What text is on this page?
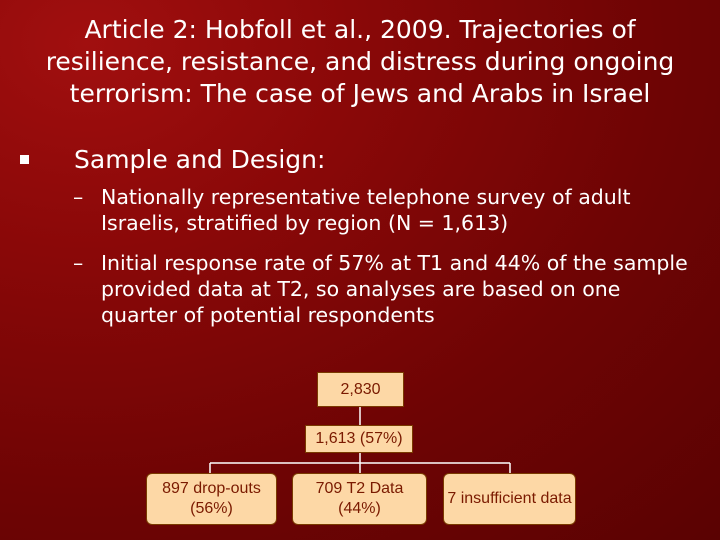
Article 2: Hobfoll et al., 2009. Trajectories of resilience, resistance, and distress during ongoing terrorism: The case of Jews and Arabs in Israel
Sample and Design:
– Nationally representative telephone survey of adult Israelis, stratified by region (N = 1,613)
– Initial response rate of 57% at T1 and 44% of the sample provided data at T2, so analyses are based on one quarter of potential respondents
2,830
1,613 (57%)
897 drop-outs (56%)
709 T2 Data (44%)
7 insufficient data
